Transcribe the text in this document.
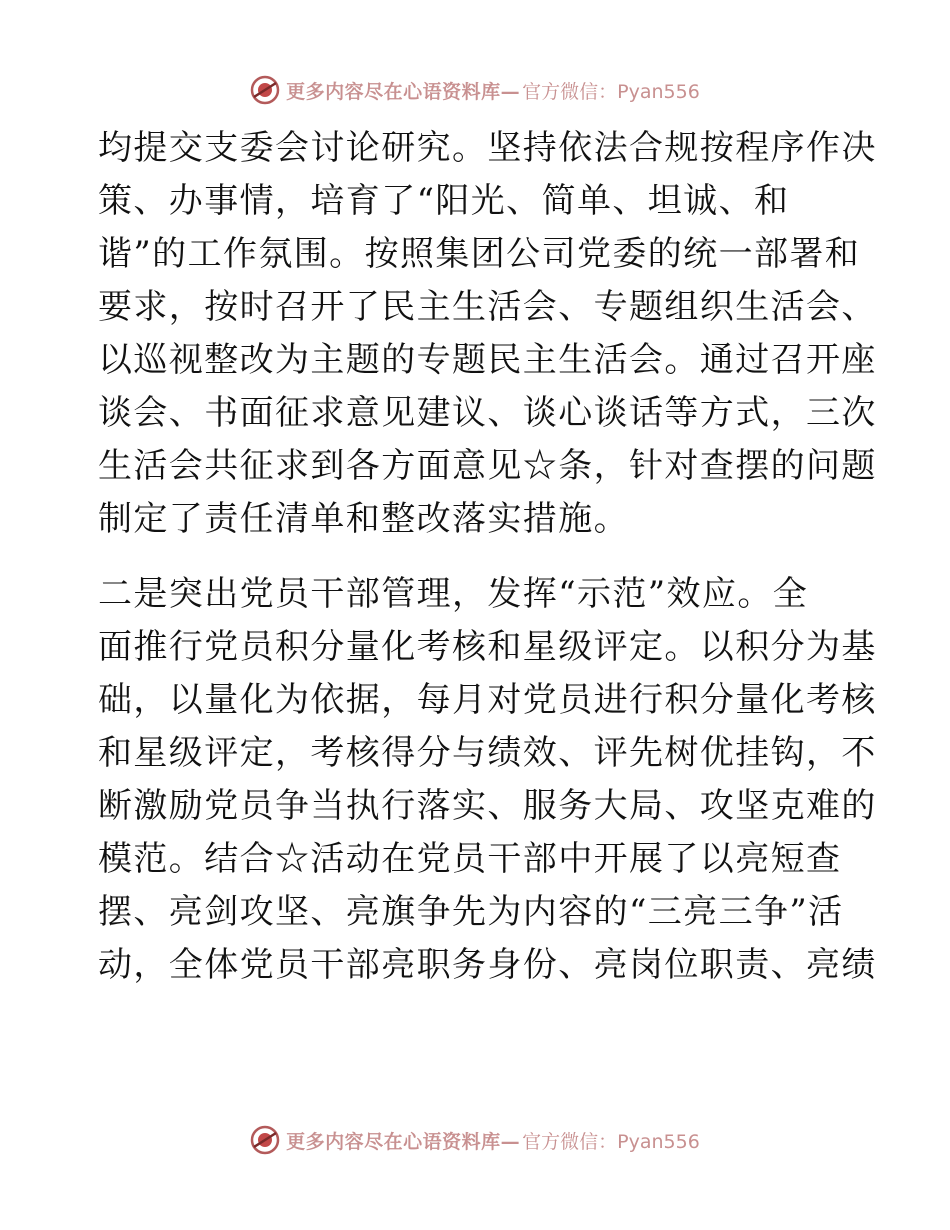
更多内容尽在心语资料库— 官方微信：Pyan556
均提交支委会讨论研究。坚持依法合规按程序作决
策、办事情，培育了“阳光、简单、坦诚、和
谐”的工作氛围。按照集团公司党委的统一部署和
要求，按时召开了民主生活会、专题组织生活会、
以巡视整改为主题的专题民主生活会。通过召开座
谈会、书面征求意见建议、谈心谈话等方式，三次
生活会共征求到各方面意见☆条，针对查摆的问题
制定了责任清单和整改落实措施。
二是突出党员干部管理，发挥“示范”效应。全
面推行党员积分量化考核和星级评定。以积分为基
础，以量化为依据，每月对党员进行积分量化考核
和星级评定，考核得分与绩效、评先树优挂钩，不
断激励党员争当执行落实、服务大局、攻坚克难的
模范。结合☆活动在党员干部中开展了以亮短查
摆、亮剑攻坚、亮旗争先为内容的“三亮三争”活
动，全体党员干部亮职务身份、亮岗位职责、亮绩
更多内容尽在心语资料库— 官方微信：Pyan556
